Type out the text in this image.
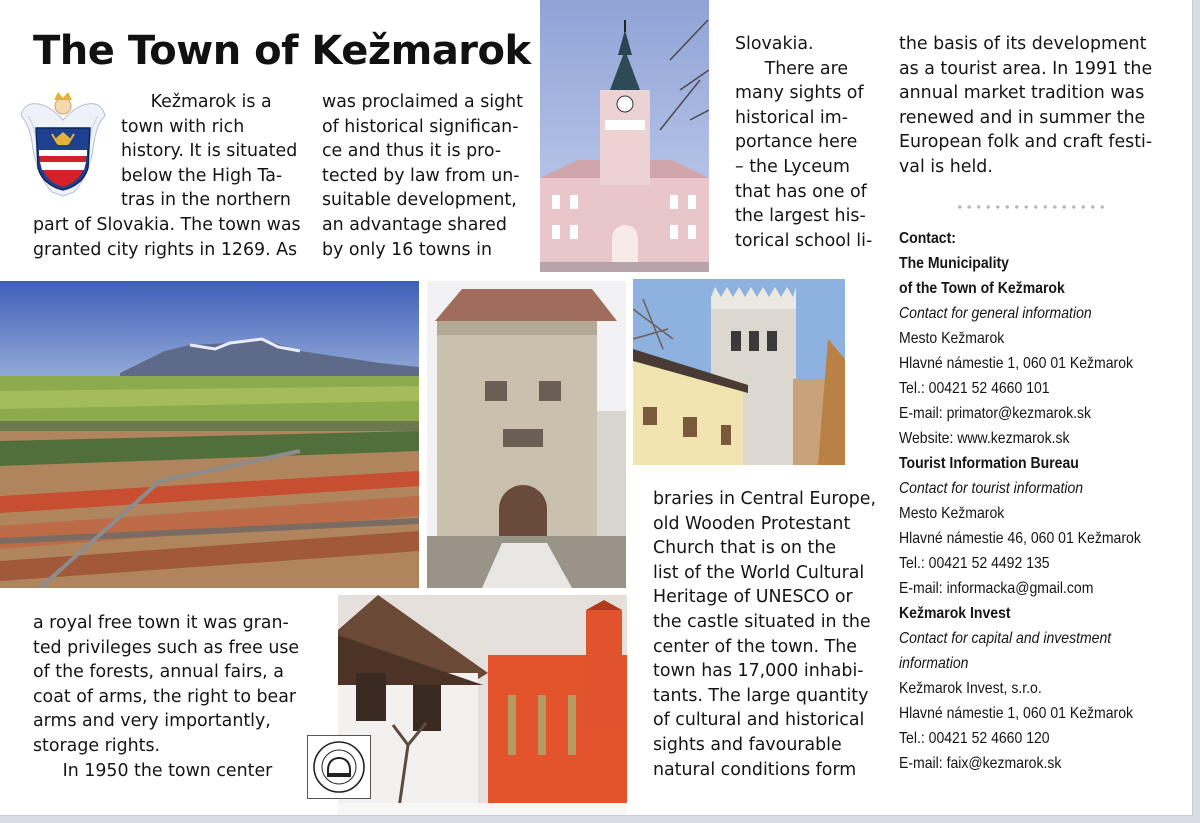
The Town of Kežmarok

Kežmarok is a

town with rich

history. It is situated

below the High Ta-

tras in the northern

part of Slovakia. The town was

granted city rights in 1269. As

was proclaimed a sight

of historical significan-

ce and thus it is pro-

tected by law from un-

suitable development,

an advantage shared

by only 16 towns in

Slovakia.

There are

many sights of

historical im-

portance here

– the Lyceum

that has one of

the largest his-

torical school li-

the basis of its development

as a tourist area. In 1991 the

annual market tradition was

renewed and in summer the

European folk and craft festi-

val is held.

a royal free town it was gran-

ted privileges such as free use

of the forests, annual fairs, a

coat of arms, the right to bear

arms and very importantly,

storage rights.

In 1950 the town center

braries in Central Europe,

old Wooden Protestant

Church that is on the

list of the World Cultural

Heritage of UNESCO or

the castle situated in the

center of the town. The

town has 17,000 inhabi-

tants. The large quantity

of cultural and historical

sights and favourable

natural conditions form

Contact:
The Municipality
of the Town of Kežmarok
Contact for general information
Mesto Kežmarok
Hlavné námestie 1, 060 01 Kežmarok
Tel.: 00421 52 4660 101
E-mail: primator@kezmarok.sk
Website: www.kezmarok.sk
Tourist Information Bureau
Contact for tourist information
Mesto Kežmarok
Hlavné námestie 46, 060 01 Kežmarok
Tel.: 00421 52 4492 135
E-mail: informacka@gmail.com
Kežmarok Invest
Contact for capital and investment
information
Kežmarok Invest, s.r.o.
Hlavné námestie 1, 060 01 Kežmarok
Tel.: 00421 52 4660 120
E-mail: faix@kezmarok.sk
